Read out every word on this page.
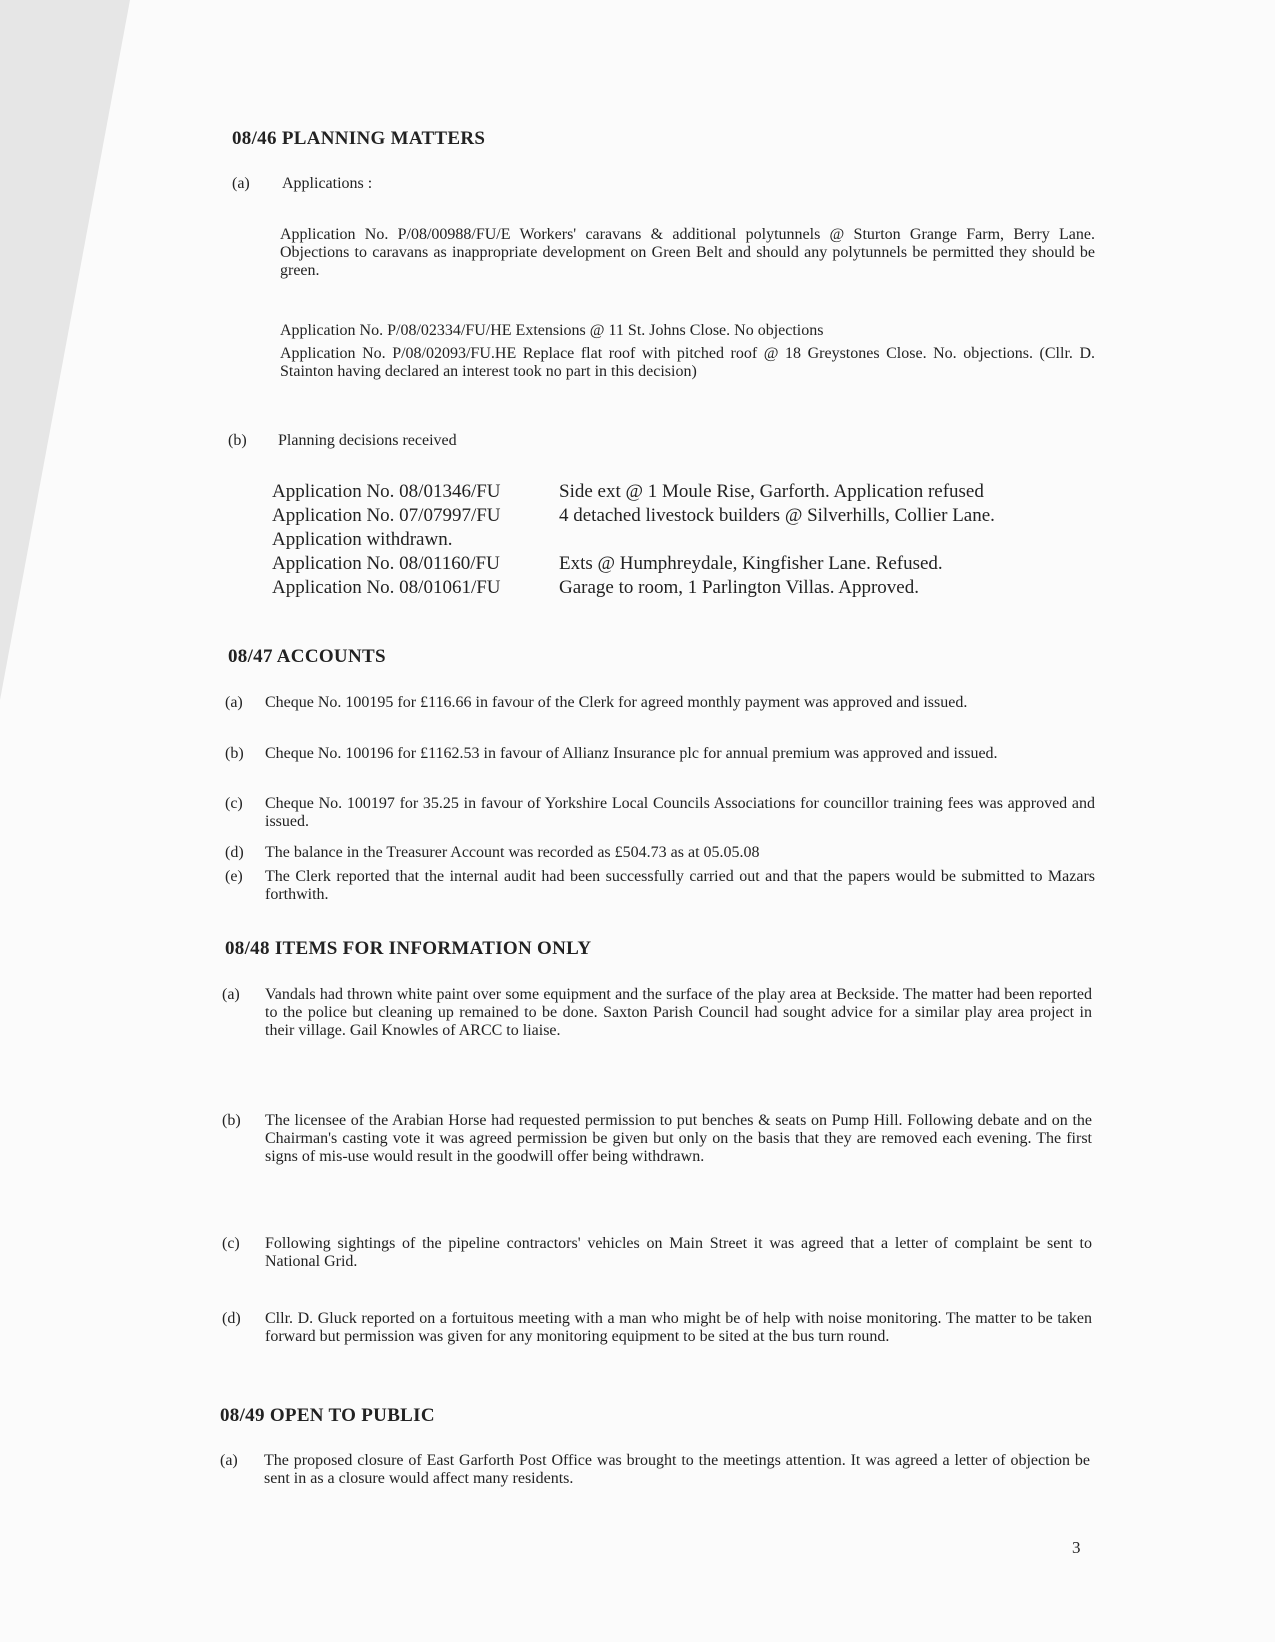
08/46 PLANNING MATTERS
(a)	Applications :
Application No. P/08/00988/FU/E Workers' caravans & additional polytunnels @ Sturton Grange Farm, Berry Lane. Objections to caravans as inappropriate development on Green Belt and should any polytunnels be permitted they should be green.
Application No. P/08/02334/FU/HE Extensions @ 11 St. Johns Close. No objections
Application No. P/08/02093/FU.HE Replace flat roof with pitched roof @ 18 Greystones Close. No. objections. (Cllr. D. Stainton having declared an interest took no part in this decision)
(b)	Planning decisions received
Application No. 08/01346/FU	Side ext @ 1 Moule Rise, Garforth. Application refused
Application No. 07/07997/FU	4 detached livestock builders @ Silverhills, Collier Lane.
Application withdrawn.
Application No. 08/01160/FU	Exts @ Humphreydale, Kingfisher Lane. Refused.
Application No. 08/01061/FU	Garage to room, 1 Parlington Villas. Approved.
08/47 ACCOUNTS
(a)	Cheque No. 100195 for £116.66 in favour of the Clerk for agreed monthly payment was approved and issued.
(b)	Cheque No. 100196 for £1162.53 in favour of Allianz Insurance plc for annual premium was approved and issued.
(c)	Cheque No. 100197 for 35.25 in favour of Yorkshire Local Councils Associations for councillor training fees was approved and issued.
(d)	The balance in the Treasurer Account was recorded as £504.73 as at 05.05.08
(e)	The Clerk reported that the internal audit had been successfully carried out and that the papers would be submitted to Mazars forthwith.
08/48 ITEMS FOR INFORMATION ONLY
(a)	Vandals had thrown white paint over some equipment and the surface of the play area at Beckside. The matter had been reported to the police but cleaning up remained to be done. Saxton Parish Council had sought advice for a similar play area project in their village. Gail Knowles of ARCC to liaise.
(b)	The licensee of the Arabian Horse had requested permission to put benches & seats on Pump Hill. Following debate and on the Chairman's casting vote it was agreed permission be given but only on the basis that they are removed each evening. The first signs of mis-use would result in the goodwill offer being withdrawn.
(c)	Following sightings of the pipeline contractors' vehicles on Main Street it was agreed that a letter of complaint be sent to National Grid.
(d)	Cllr. D. Gluck reported on a fortuitous meeting with a man who might be of help with noise monitoring. The matter to be taken forward but permission was given for any monitoring equipment to be sited at the bus turn round.
08/49 OPEN TO PUBLIC
(a)	The proposed closure of East Garforth Post Office was brought to the meetings attention. It was agreed a letter of objection be sent in as a closure would affect many residents.
3
